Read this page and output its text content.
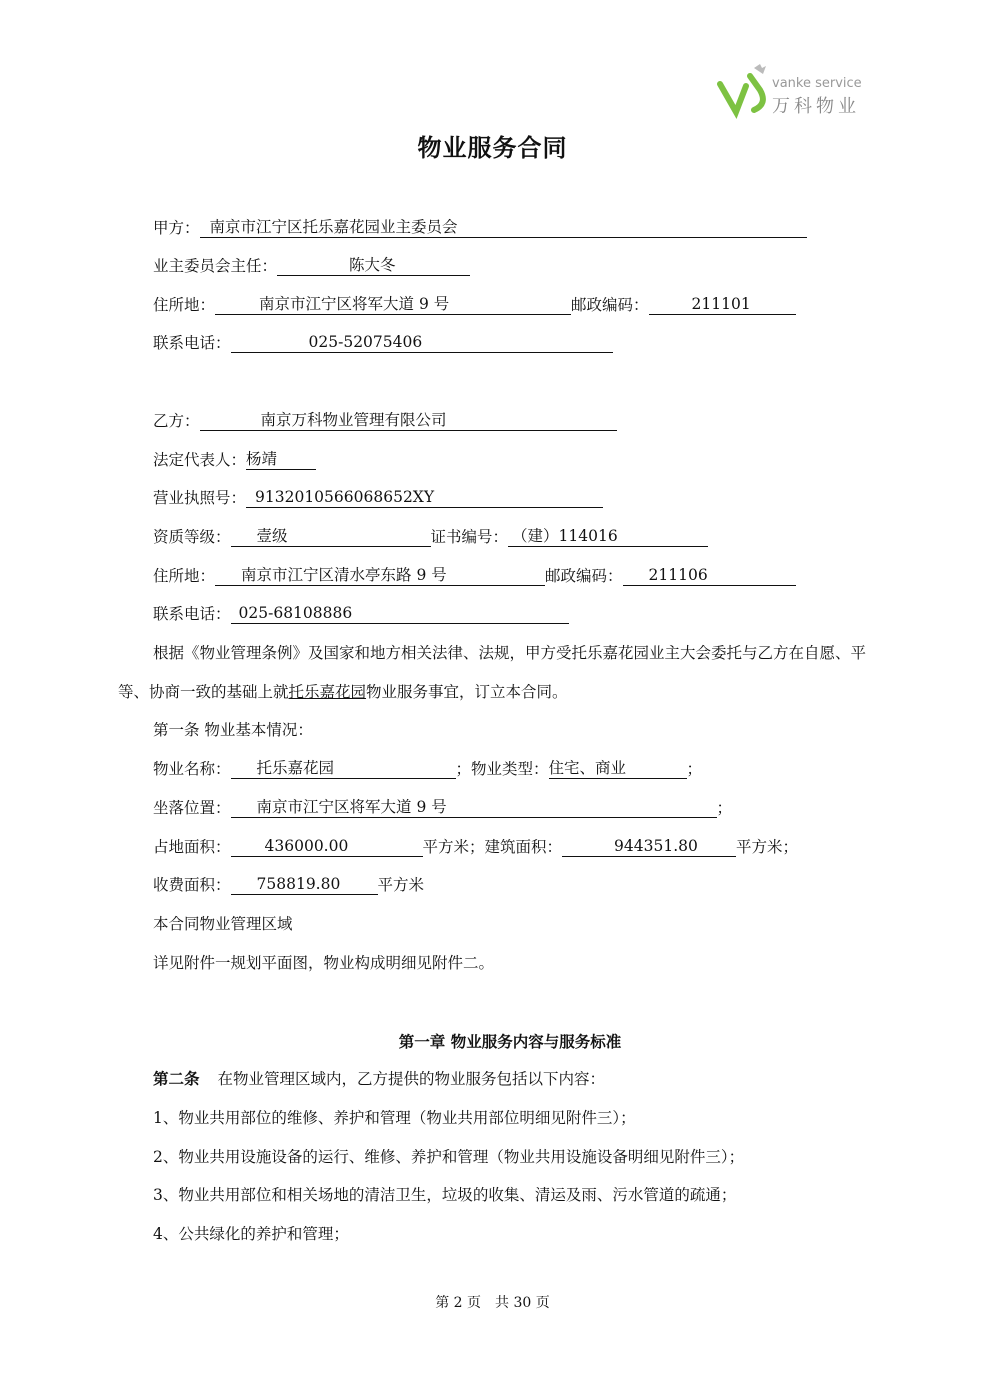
vanke service
万科物业
物业服务合同
甲方： 南京市江宁区托乐嘉花园业主委员会
业主委员会主任：	陈大冬
住所地：	南京市江宁区将军大道 9 号	邮政编码：	211101
联系电话：	025-52075406
乙方：	南京万科物业管理有限公司
法定代表人：杨靖
营业执照号： 9132010566068652XY
资质等级： 壹级	证书编号： （建）114016
住所地： 南京市江宁区清水亭东路 9 号	邮政编码： 211106
联系电话： 025-68108886
根据《物业管理条例》及国家和地方相关法律、法规，甲方受托乐嘉花园业主大会委托与乙方在自愿、平等、协商一致的基础上就托乐嘉花园物业服务事宜，订立本合同。
第一条 物业基本情况：
物业名称： 托乐嘉花园	；物业类型：住宅、商业	；
坐落位置： 南京市江宁区将军大道 9 号	；
占地面积： 436000.00	平方米；建筑面积：	944351.80 平方米；
收费面积： 758819.80 平方米
本合同物业管理区域
详见附件一规划平面图，物业构成明细见附件二。
第一章 物业服务内容与服务标准
第二条 在物业管理区域内，乙方提供的物业服务包括以下内容：
1、物业共用部位的维修、养护和管理（物业共用部位明细见附件三）；
2、物业共用设施设备的运行、维修、养护和管理（物业共用设施设备明细见附件三）；
3、物业共用部位和相关场地的清洁卫生，垃圾的收集、清运及雨、污水管道的疏通；
4、公共绿化的养护和管理；
第 2 页　共 30 页
